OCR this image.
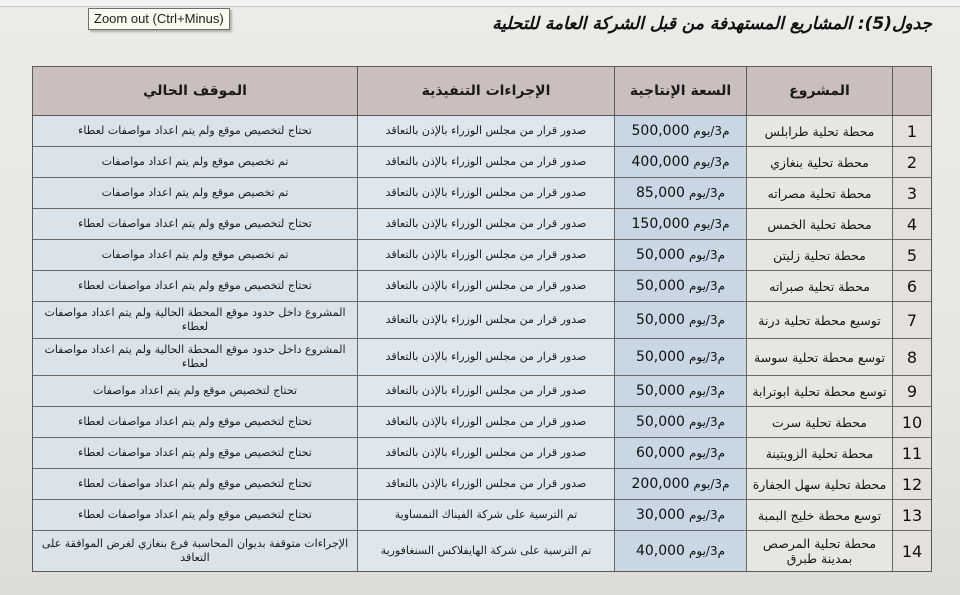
Zoom out (Ctrl+Minus)	جدول(5): المشاريع المستهدفة من قبل الشركة العامة للتحلية
المشروع
السعة الإنتاجية
الإجراءات التنفيذية
الموقف الحالي
1
محطة تحلية طرابلس
500,000 م3/يوم
صدور قرار من مجلس الوزراء بالإذن بالتعاقد
تحتاج لتخصيص موقع ولم يتم اعداد مواصفات لعطاء
2
محطة تحلية بنغازي
400,000 م3/يوم
صدور قرار من مجلس الوزراء بالإذن بالتعاقد
تم تخصيص موقع ولم يتم اعداد مواصفات
3
محطة تحلية مصراته
85,000 م3/يوم
صدور قرار من مجلس الوزراء بالإذن بالتعاقد
تم تخصيص موقع ولم يتم اعداد مواصفات
4
محطة تحلية الخمس
150,000 م3/يوم
صدور قرار من مجلس الوزراء بالإذن بالتعاقد
تحتاج لتخصيص موقع ولم يتم اعداد مواصفات لعطاء
5
محطة تحلية زليتن
50,000 م3/يوم
صدور قرار من مجلس الوزراء بالإذن بالتعاقد
تم تخصيص موقع ولم يتم اعداد مواصفات
6
محطة تحلية صبراته
50,000 م3/يوم
صدور قرار من مجلس الوزراء بالإذن بالتعاقد
تحتاج لتخصيص موقع ولم يتم اعداد مواصفات لعطاء
7
توسيع محطة تحلية درنة
50,000 م3/يوم
صدور قرار من مجلس الوزراء بالإذن بالتعاقد
المشروع داخل حدود موقع المحطة الحالية ولم يتم اعداد مواصفات لعطاء
8
توسع محطة تحلية سوسة
50,000 م3/يوم
صدور قرار من مجلس الوزراء بالإذن بالتعاقد
المشروع داخل حدود موقع المحطة الحالية ولم يتم اعداد مواصفات لعطاء
9
توسع محطة تحلية ابوترابة
50,000 م3/يوم
صدور قرار من مجلس الوزراء بالإذن بالتعاقد
تحتاج لتخصيص موقع ولم يتم اعداد مواصفات
10
محطة تحلية سرت
50,000 م3/يوم
صدور قرار من مجلس الوزراء بالإذن بالتعاقد
تحتاج لتخصيص موقع ولم يتم اعداد مواصفات لعطاء
11
محطة تحلية الزويتينة
60,000 م3/يوم
صدور قرار من مجلس الوزراء بالإذن بالتعاقد
تحتاج لتخصيص موقع ولم يتم اعداد مواصفات لعطاء
12
محطة تحلية سهل الجفارة
200,000 م3/يوم
صدور قرار من مجلس الوزراء بالإذن بالتعاقد
تحتاج لتخصيص موقع ولم يتم اعداد مواصفات لعطاء
13
توسع محطة خليج البمبة
30,000 م3/يوم
تم الترسية على شركة الفيناك النمساوية
تحتاج لتخصيص موقع ولم يتم اعداد مواصفات لعطاء
14
محطة تحلية المرصص بمدينة طبرق
40,000 م3/يوم
تم الترسية على شركة الهايفلاكس السنغافورية
الإجراءات متوقفة بديوان المحاسبة فرع بنغازي لغرض الموافقة على التعاقد
